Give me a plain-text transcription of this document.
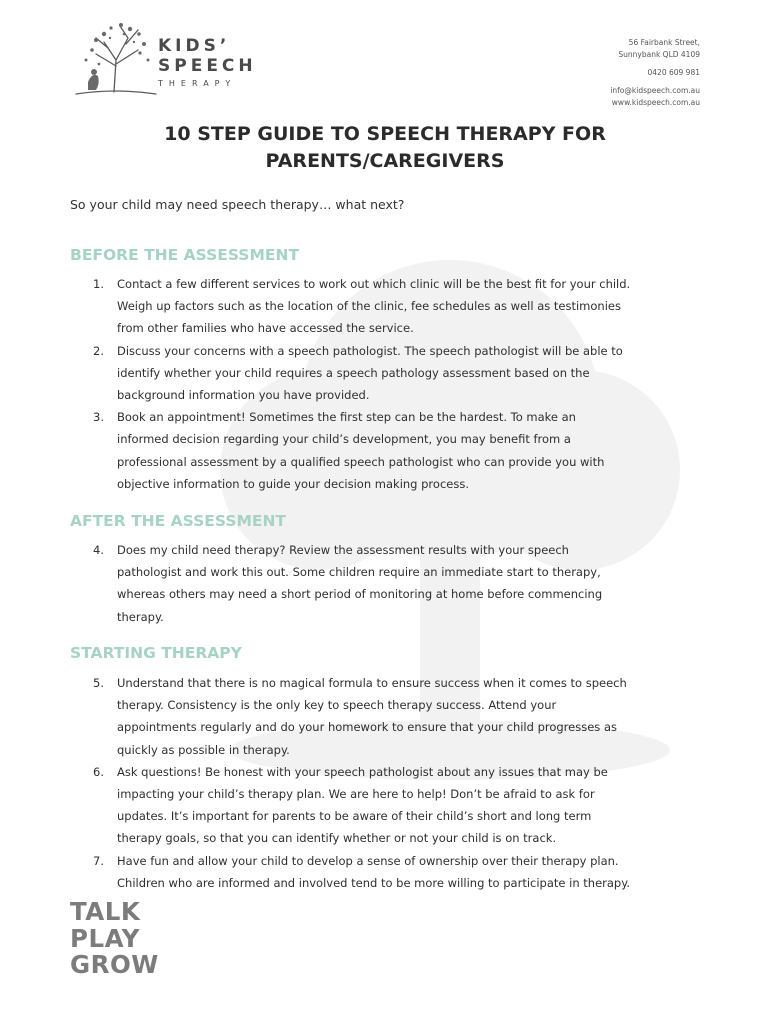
KIDS’
SPEECH
THERAPY
56 Fairbank Street,
Sunnybank QLD 4109
0420 609 981
info@kidspeech.com.au
www.kidspeech.com.au
10 STEP GUIDE TO SPEECH THERAPY FOR
PARENTS/CAREGIVERS
So your child may need speech therapy… what next?
BEFORE THE ASSESSMENT
1. Contact a few different services to work out which clinic will be the best fit for your child.
Weigh up factors such as the location of the clinic, fee schedules as well as testimonies
from other families who have accessed the service.
2. Discuss your concerns with a speech pathologist. The speech pathologist will be able to
identify whether your child requires a speech pathology assessment based on the
background information you have provided.
3. Book an appointment! Sometimes the first step can be the hardest. To make an
informed decision regarding your child’s development, you may benefit from a
professional assessment by a qualified speech pathologist who can provide you with
objective information to guide your decision making process.
AFTER THE ASSESSMENT
4. Does my child need therapy? Review the assessment results with your speech
pathologist and work this out. Some children require an immediate start to therapy,
whereas others may need a short period of monitoring at home before commencing
therapy.
STARTING THERAPY
5. Understand that there is no magical formula to ensure success when it comes to speech
therapy. Consistency is the only key to speech therapy success. Attend your
appointments regularly and do your homework to ensure that your child progresses as
quickly as possible in therapy.
6. Ask questions! Be honest with your speech pathologist about any issues that may be
impacting your child’s therapy plan. We are here to help! Don’t be afraid to ask for
updates. It’s important for parents to be aware of their child’s short and long term
therapy goals, so that you can identify whether or not your child is on track.
7. Have fun and allow your child to develop a sense of ownership over their therapy plan.
Children who are informed and involved tend to be more willing to participate in therapy.
TALK
PLAY
GROW
